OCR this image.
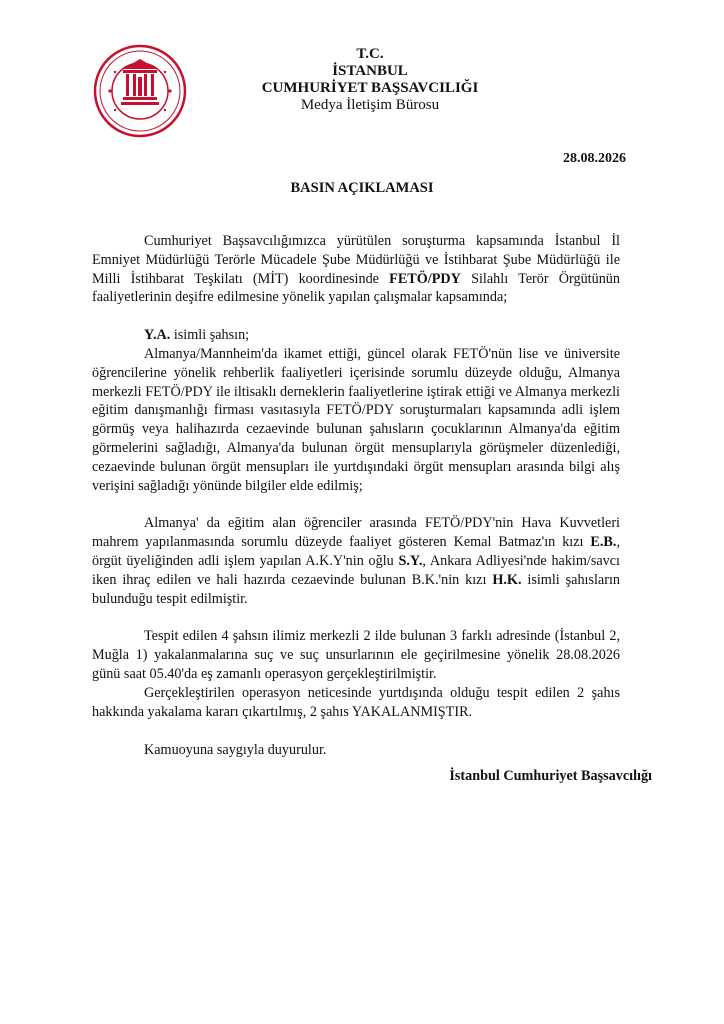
T.C.
İSTANBUL
CUMHURİYET BAŞSAVCILIĞI
Medya İletişim Bürosu
28.08.2026
BASIN AÇIKLAMASI

Cumhuriyet Başsavcılığımızca yürütülen soruşturma kapsamında İstanbul İl Emniyet Müdürlüğü Terörle Mücadele Şube Müdürlüğü ve İstihbarat Şube Müdürlüğü ile Milli İstihbarat Teşkilatı (MİT) koordinesinde FETÖ/PDY Silahlı Terör Örgütünün faaliyetlerinin deşifre edilmesine yönelik yapılan çalışmalar kapsamında;

Y.A. isimli şahsın;

Almanya/Mannheim'da ikamet ettiği, güncel olarak FETÖ'nün lise ve üniversite öğrencilerine yönelik rehberlik faaliyetleri içerisinde sorumlu düzeyde olduğu, Almanya merkezli FETÖ/PDY ile iltisaklı derneklerin faaliyetlerine iştirak ettiği ve Almanya merkezli eğitim danışmanlığı firması vasıtasıyla FETÖ/PDY soruşturmaları kapsamında adli işlem görmüş veya halihazırda cezaevinde bulunan şahısların çocuklarının Almanya'da eğitim görmelerini sağladığı, Almanya'da bulunan örgüt mensuplarıyla görüşmeler düzenlediği, cezaevinde bulunan örgüt mensupları ile yurtdışındaki örgüt mensupları arasında bilgi alış verişini sağladığı yönünde bilgiler elde edilmiş;

Almanya' da eğitim alan öğrenciler arasında FETÖ/PDY'nin Hava Kuvvetleri mahrem yapılanmasında sorumlu düzeyde faaliyet gösteren Kemal Batmaz'ın kızı E.B., örgüt üyeliğinden adli işlem yapılan A.K.Y'nin oğlu S.Y., Ankara Adliyesi'nde hakim/savcı iken ihraç edilen ve hali hazırda cezaevinde bulunan B.K.'nin kızı H.K. isimli şahısların bulunduğu tespit edilmiştir.

Tespit edilen 4 şahsın ilimiz merkezli 2 ilde bulunan 3 farklı adresinde (İstanbul 2, Muğla 1) yakalanmalarına suç ve suç unsurlarının ele geçirilmesine yönelik 28.08.2026 günü saat 05.40'da eş zamanlı operasyon gerçekleştirilmiştir.

Gerçekleştirilen operasyon neticesinde yurtdışında olduğu tespit edilen 2 şahıs hakkında yakalama kararı çıkartılmış, 2 şahıs YAKALANMIŞTIR.

Kamuoyuna saygıyla duyurulur.

İstanbul Cumhuriyet Başsavcılığı
